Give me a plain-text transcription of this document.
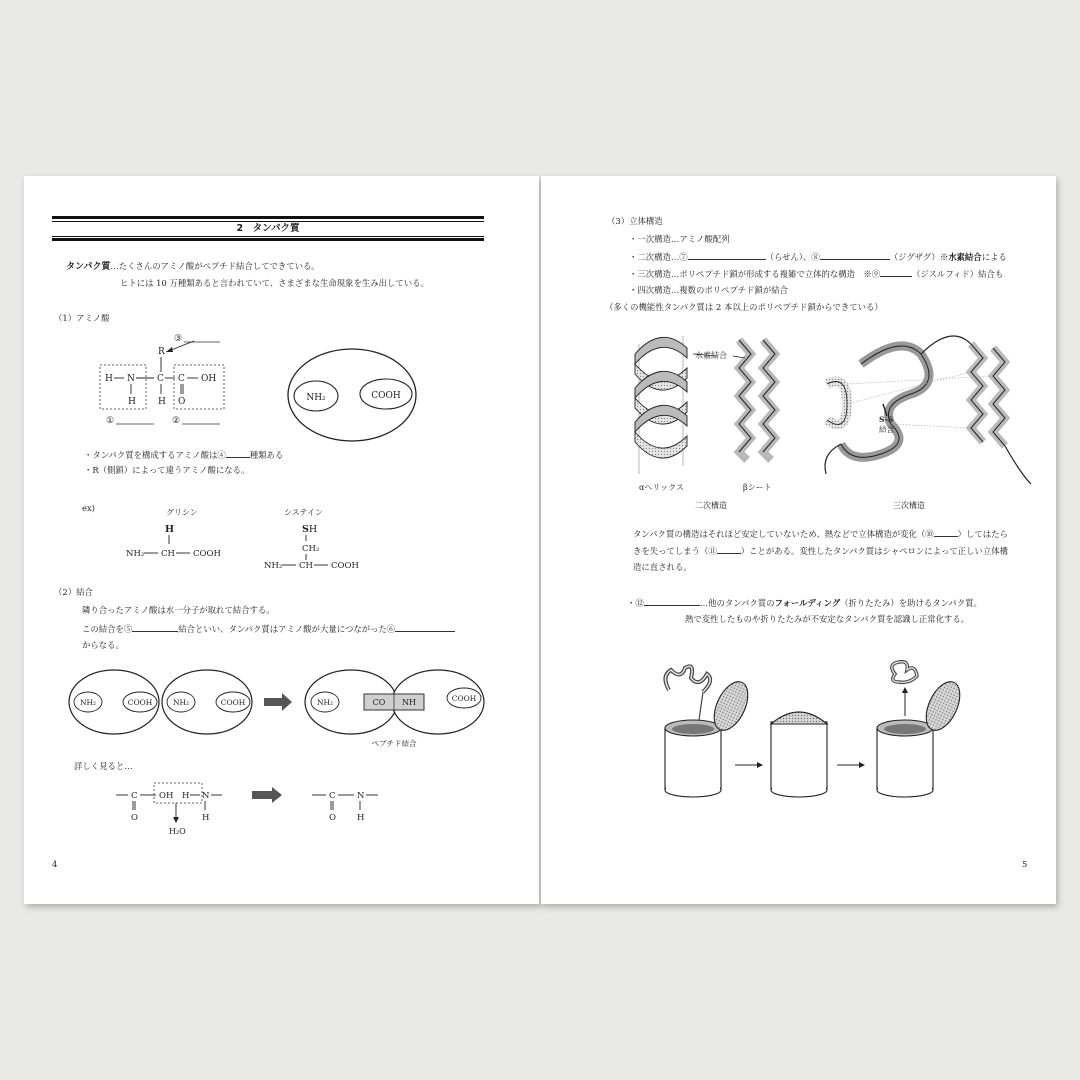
2　タンパク質
タンパク質…たくさんのアミノ酸がペプチド結合してできている。
ヒトには 10 万種類あると言われていて、さまざまな生命現象を生み出している。
（1）アミノ酸
R
③
H N C C OH
H H O
①	②
NH₂	COOH
・タンパク質を構成するアミノ酸は④	種類ある
・R（側鎖）によって違うアミノ酸になる。
ex)	グリシン
H
NH₂ CH COOH
システイン
SH
CH₂
NH₂ CH COOH
（2）結合
隣り合ったアミノ酸は水一分子が取れて結合する。
この結合を⑤	結合といい、タンパク質はアミノ酸が大量につながった⑥
からなる。
NH₂	COOH	NH₂	COOH	NH₂	COOH
CO NH
ペプチド結合
詳しく見ると…
C
O
OH H N
H
H₂O
C
O
N
H
4
（3）立体構造
・一次構造…アミノ酸配列
・二次構造…⑦	（らせん）、⑧	（ジグザグ）※水素結合による
・三次構造…ポリペプチド鎖が形成する複雑で立体的な構造　※⑨	（ジスルフィド）結合も
・四次構造…複数のポリペプチド鎖が結合
（多くの機能性タンパク質は 2 本以上のポリペプチド鎖からできている）
水素結合
αヘリックス	βシート
二次構造
S-S
結合
三次構造
タンパク質の構造はそれほど安定していないため、熱などで立体構造が変化（⑩	）してはたら
きを失ってしまう（⑪	）ことがある。変性したタンパク質はシャペロンによって正しい立体構
造に直される。
・⑫	…他のタンパク質のフォールディング（折りたたみ）を助けるタンパク質。
熱で変性したものや折りたたみが不安定なタンパク質を認識し正常化する。
5
